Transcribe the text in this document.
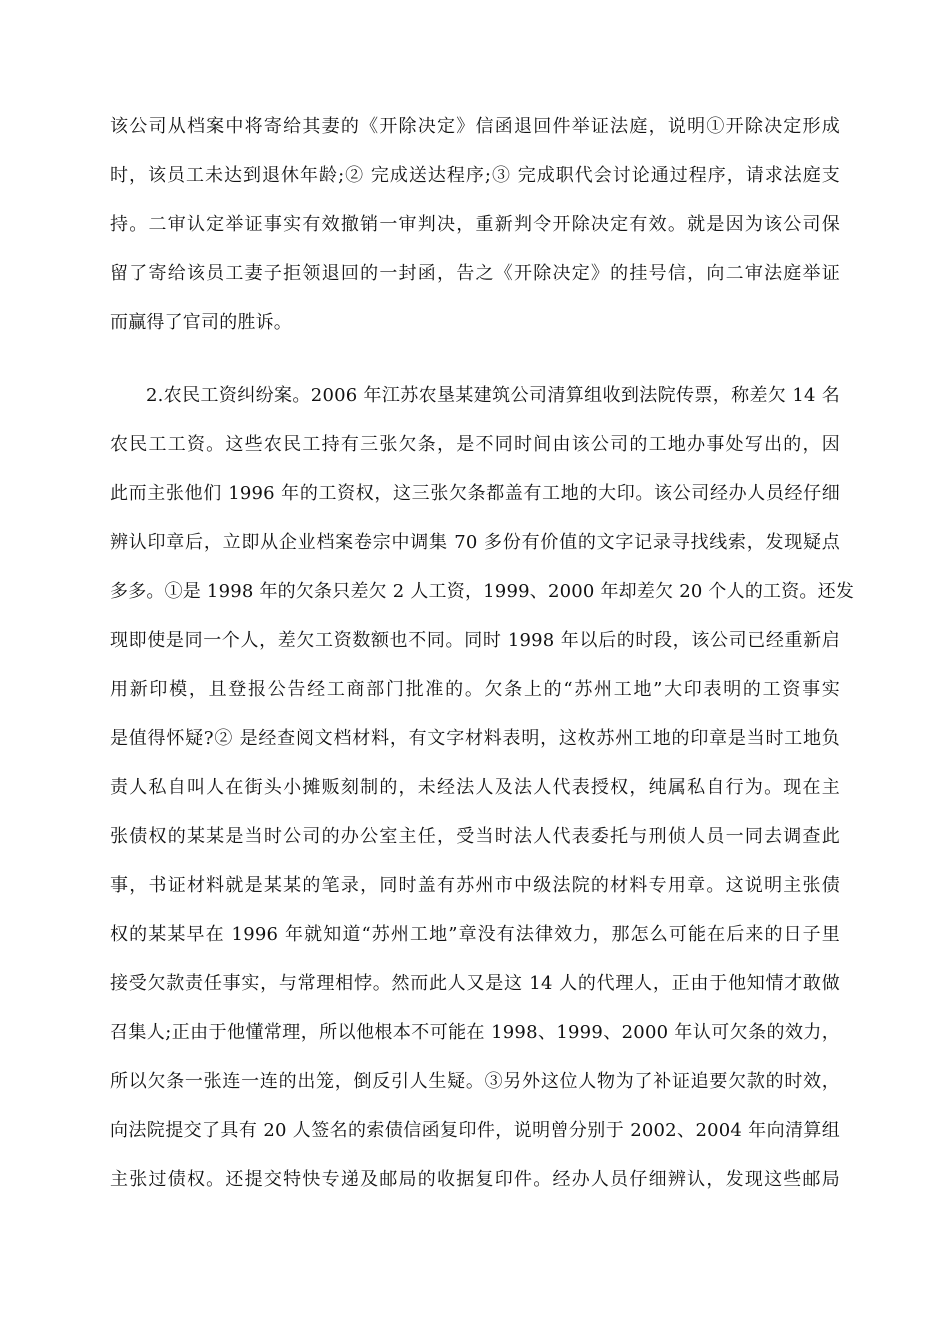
该公司从档案中将寄给其妻的《开除决定》信函退回件举证法庭，说明①开除决定形成
时，该员工未达到退休年龄;② 完成送达程序;③ 完成职代会讨论通过程序，请求法庭支
持。二审认定举证事实有效撤销一审判决，重新判令开除决定有效。就是因为该公司保
留了寄给该员工妻子拒领退回的一封函，告之《开除决定》的挂号信，向二审法庭举证
而赢得了官司的胜诉。
2.农民工资纠纷案。2006 年江苏农垦某建筑公司清算组收到法院传票，称差欠 14 名
农民工工资。这些农民工持有三张欠条，是不同时间由该公司的工地办事处写出的，因
此而主张他们 1996 年的工资权，这三张欠条都盖有工地的大印。该公司经办人员经仔细
辨认印章后，立即从企业档案卷宗中调集 70 多份有价值的文字记录寻找线索，发现疑点
多多。①是 1998 年的欠条只差欠 2 人工资，1999、2000 年却差欠 20 个人的工资。还发
现即使是同一个人，差欠工资数额也不同。同时 1998 年以后的时段，该公司已经重新启
用新印模，且登报公告经工商部门批准的。欠条上的“苏州工地”大印表明的工资事实
是值得怀疑?② 是经查阅文档材料，有文字材料表明，这枚苏州工地的印章是当时工地负
责人私自叫人在街头小摊贩刻制的，未经法人及法人代表授权，纯属私自行为。现在主
张债权的某某是当时公司的办公室主任，受当时法人代表委托与刑侦人员一同去调查此
事，书证材料就是某某的笔录，同时盖有苏州市中级法院的材料专用章。这说明主张债
权的某某早在 1996 年就知道“苏州工地”章没有法律效力，那怎么可能在后来的日子里
接受欠款责任事实，与常理相悖。然而此人又是这 14 人的代理人，正由于他知情才敢做
召集人;正由于他懂常理，所以他根本不可能在 1998、1999、2000 年认可欠条的效力，
所以欠条一张连一连的出笼，倒反引人生疑。③另外这位人物为了补证追要欠款的时效，
向法院提交了具有 20 人签名的索债信函复印件，说明曾分别于 2002、2004 年向清算组
主张过债权。还提交特快专递及邮局的收据复印件。经办人员仔细辨认，发现这些邮局
